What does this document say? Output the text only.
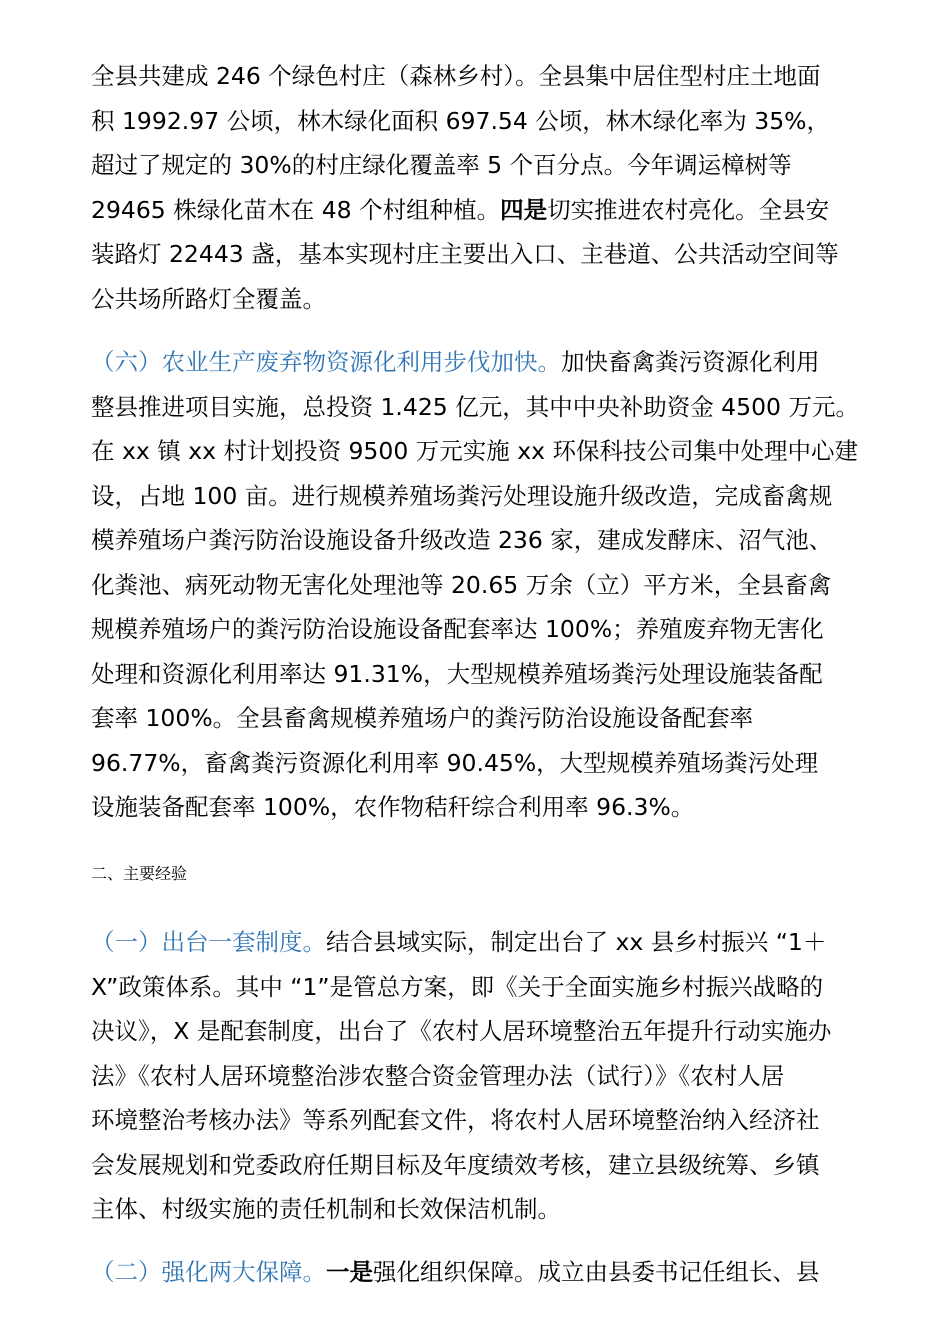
全县共建成 246 个绿色村庄（森林乡村）。全县集中居住型村庄土地面
积 1992.97 公顷，林木绿化面积 697.54 公顷，林木绿化率为 35%，
超过了规定的 30%的村庄绿化覆盖率 5 个百分点。今年调运樟树等
29465 株绿化苗木在 48 个村组种植。四是切实推进农村亮化。全县安
装路灯 22443 盏，基本实现村庄主要出入口、主巷道、公共活动空间等
公共场所路灯全覆盖。
（六）农业生产废弃物资源化利用步伐加快。加快畜禽粪污资源化利用
整县推进项目实施，总投资 1.425 亿元，其中中央补助资金 4500 万元。
在 xx 镇 xx 村计划投资 9500 万元实施 xx 环保科技公司集中处理中心建
设，占地 100 亩。进行规模养殖场粪污处理设施升级改造，完成畜禽规
模养殖场户粪污防治设施设备升级改造 236 家，建成发酵床、沼气池、
化粪池、病死动物无害化处理池等 20.65 万余（立）平方米，全县畜禽
规模养殖场户的粪污防治设施设备配套率达 100%；养殖废弃物无害化
处理和资源化利用率达 91.31%，大型规模养殖场粪污处理设施装备配
套率 100%。全县畜禽规模养殖场户的粪污防治设施设备配套率
96.77%，畜禽粪污资源化利用率 90.45%，大型规模养殖场粪污处理
设施装备配套率 100%，农作物秸秆综合利用率 96.3%。
二、主要经验
（一）出台一套制度。结合县域实际，制定出台了 xx 县乡村振兴 “1＋
X”政策体系。其中 “1”是管总方案，即《关于全面实施乡村振兴战略的
决议》，X 是配套制度，出台了《农村人居环境整治五年提升行动实施办
法》《农村人居环境整治涉农整合资金管理办法（试行）》《农村人居
环境整治考核办法》等系列配套文件，将农村人居环境整治纳入经济社
会发展规划和党委政府任期目标及年度绩效考核，建立县级统筹、乡镇
主体、村级实施的责任机制和长效保洁机制。
（二）强化两大保障。一是强化组织保障。成立由县委书记任组长、县
